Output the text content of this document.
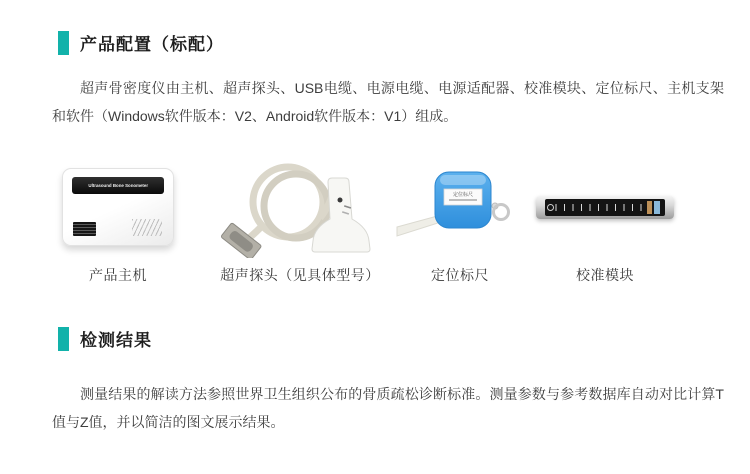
产品配置（标配）

超声骨密度仪由主机、超声探头、USB电缆、电源电缆、电源适配器、校准模块、定位标尺、主机支架和软件（Windows软件版本：V2、Android软件版本：V1）组成。

Ultrasound Bone Sonometer
产品主机	超声探头（见具体型号）
定位标尺
定位标尺	校准模块
检测结果

测量结果的解读方法参照世界卫生组织公布的骨质疏松诊断标准。测量参数与参考数据库自动对比计算T值与Z值，并以简洁的图文展示结果。
